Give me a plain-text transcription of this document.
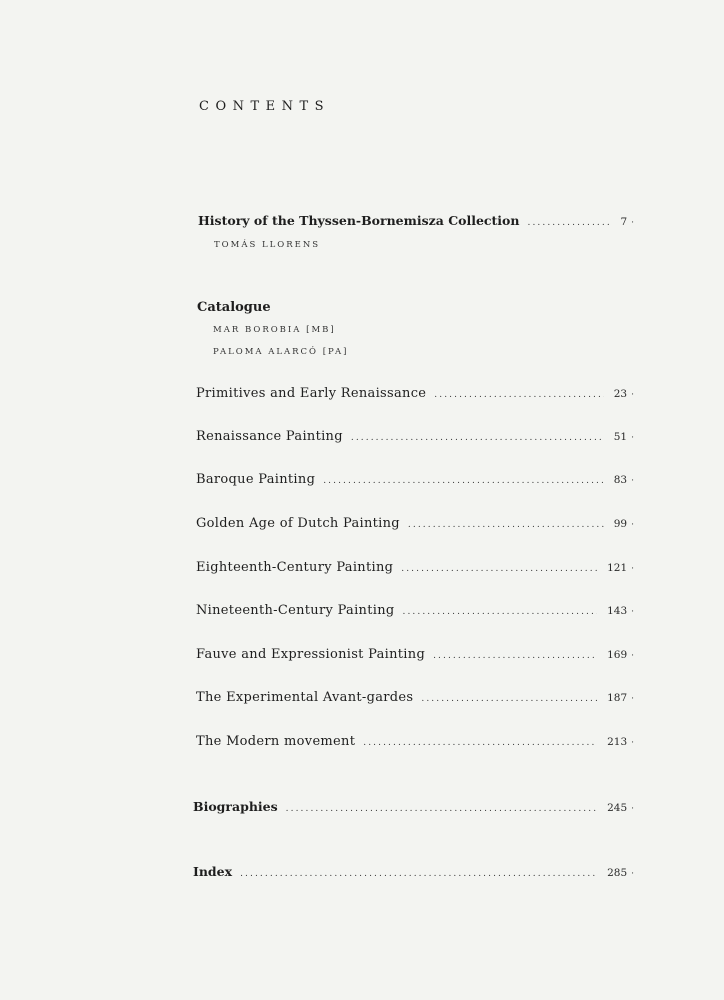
CONTENTS
History of the Thyssen-Bornemisza Collection .....	7 ·
TOMÁS LLORENS
Catalogue
MAR BOROBIA [MB]
PALOMA ALARCÓ [PA]
Primitives and Early Renaissance .....	23 ·
Renaissance Painting .....	51 ·
Baroque Painting .....	83 ·
Golden Age of Dutch Painting .....	99 ·
Eighteenth-Century Painting .....	121 ·
Nineteenth-Century Painting .....	143 ·
Fauve and Expressionist Painting .....	169 ·
The Experimental Avant-gardes .....	187 ·
The Modern movement .....	213 ·
Biographies .....	245 ·
Index .....	285 ·
